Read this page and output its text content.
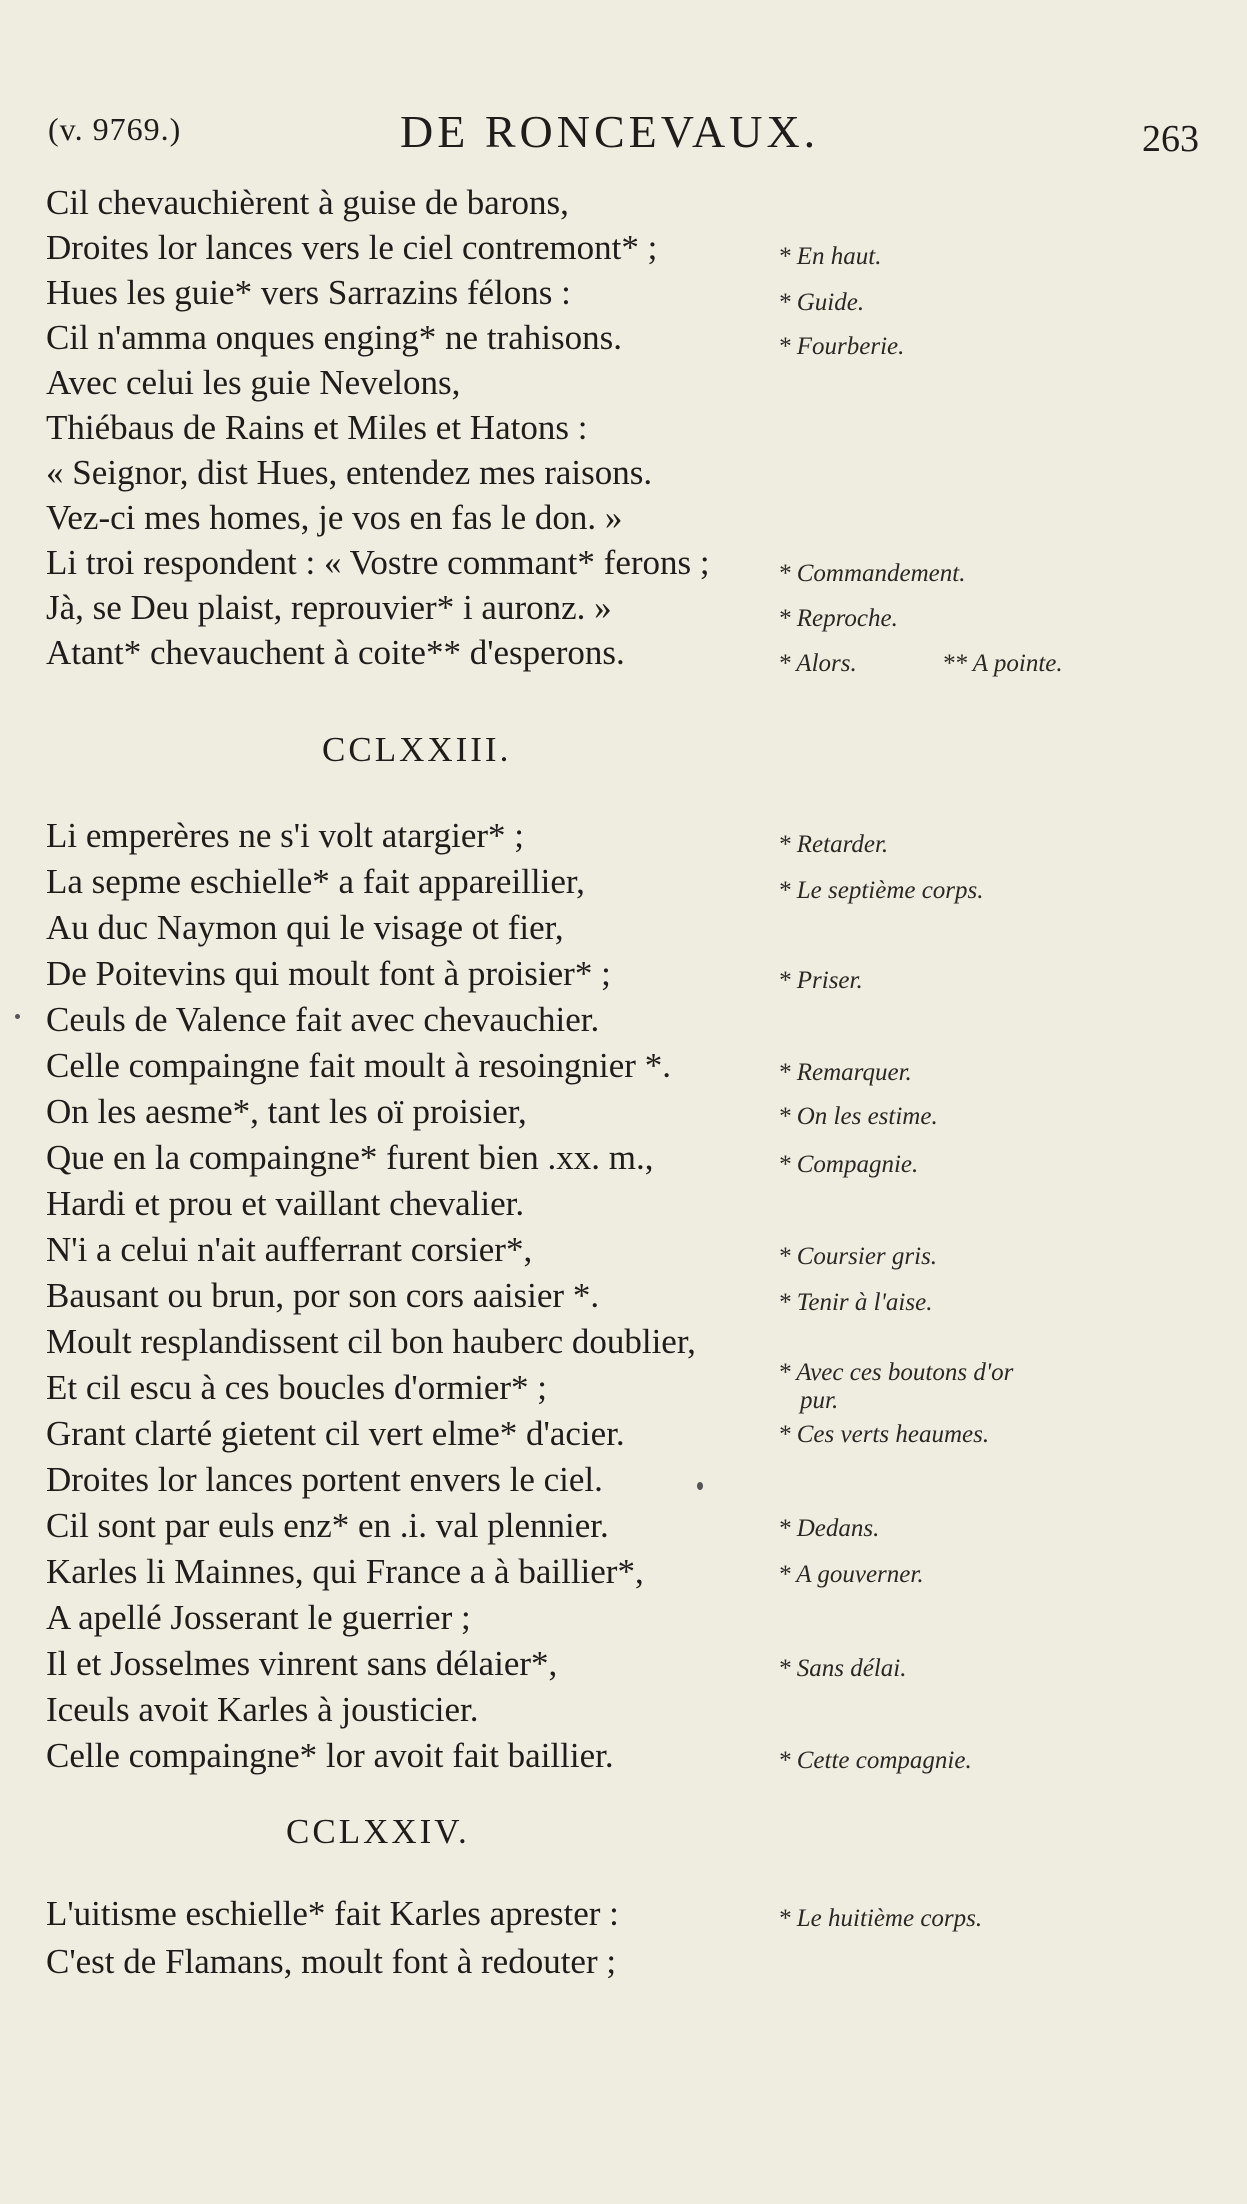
(v. 9769.)	DE RONCEVAUX.	263
Cil chevauchièrent à guise de barons,
Droites lor lances vers le ciel contremont* ;
Hues les guie* vers Sarrazins félons :
Cil n'amma onques enging* ne trahisons.
Avec celui les guie Nevelons,
Thiébaus de Rains et Miles et Hatons :
« Seignor, dist Hues, entendez mes raisons.
Vez-ci mes homes, je vos en fas le don. »
Li troi respondent : « Vostre commant* ferons ;
Jà, se Deu plaist, reprouvier* i auronz. »
Atant* chevauchent à coite** d'esperons.
CCLXXIII.
Li emperères ne s'i volt atargier* ;
La sepme eschielle* a fait appareillier,
Au duc Naymon qui le visage ot fier,
De Poitevins qui moult font à proisier* ;
Ceuls de Valence fait avec chevauchier.
Celle compaingne fait moult à resoingnier *.
On les aesme*, tant les oï proisier,
Que en la compaingne* furent bien .xx. m.,
Hardi et prou et vaillant chevalier.
N'i a celui n'ait aufferrant corsier*,
Bausant ou brun, por son cors aaisier *.
Moult resplandissent cil bon hauberc doublier,
Et cil escu à ces boucles d'ormier* ;
Grant clarté gietent cil vert elme* d'acier.
Droites lor lances portent envers le ciel.
Cil sont par euls enz* en .i. val plennier.
Karles li Mainnes, qui France a à baillier*,
A apellé Josserant le guerrier ;
Il et Josselmes vinrent sans délaier*,
Iceuls avoit Karles à jousticier.
Celle compaingne* lor avoit fait baillier.
CCLXXIV.
L'uitisme eschielle* fait Karles aprester :
C'est de Flamans, moult font à redouter ;
* En haut.
* Guide.
* Fourberie.
* Commandement.
* Reproche.
* Alors.	** A pointe.
* Retarder.
* Le septième corps.
* Priser.
* Remarquer.
* On les estime.
* Compagnie.
* Coursier gris.
* Tenir à l'aise.
* Avec ces boutons d'or
pur.
* Ces verts heaumes.
* Dedans.
* A gouverner.
* Sans délai.
* Cette compagnie.
* Le huitième corps.
